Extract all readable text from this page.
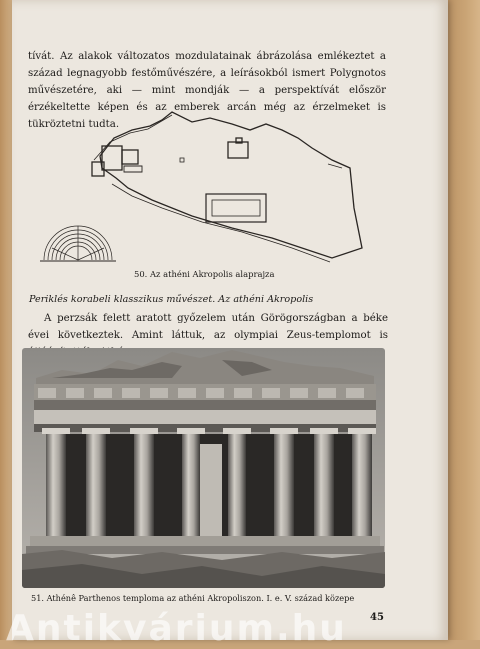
tívát. Az alakok változatos mozdulatainak ábrázolása emlékeztet a század legnagyobb festőművészére, a leírásokból ismert Polygnotos művészetére, aki — mint mondják — a perspektívát először érzékeltette képen és az emberek arcán még az érzelmeket is tükröztetni tudta.

50. Az athéni Akropolis alaprajza

Periklés korabeli klasszikus művészet. Az athéni Akropolis

A perzsák felett aratott győzelem után Görögországban a béke évei következtek. Amint láttuk, az olympiai Zeus-templomot is

51. Athénê Parthenos temploma az athéni Akropoliszon. I. e. V. század közepe

45

Antikvárium.hu
